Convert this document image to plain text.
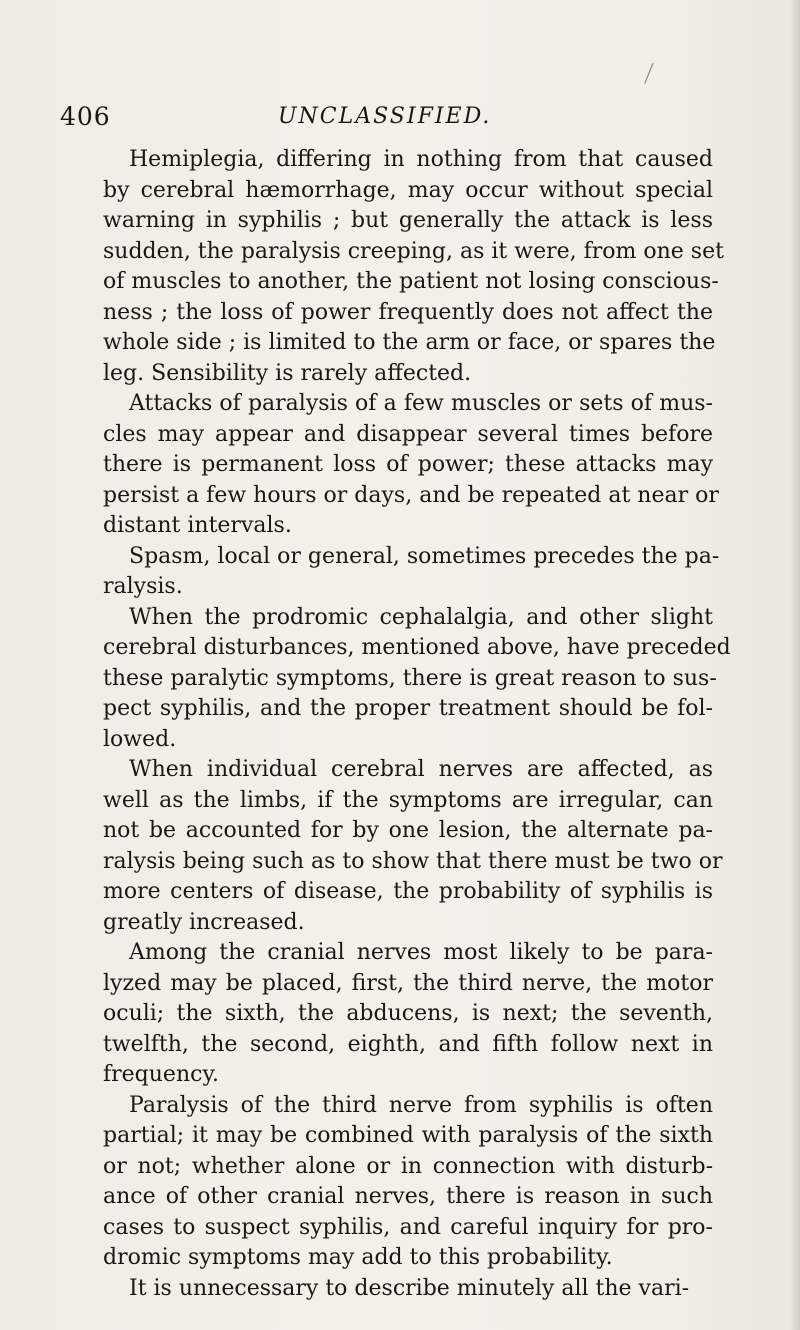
406	UNCLASSIFIED.
Hemiplegia, differing in nothing from that caused
by cerebral hæmorrhage, may occur without special
warning in syphilis ; but generally the attack is less
sudden, the paralysis creeping, as it were, from one set
of muscles to another, the patient not losing conscious-
ness ; the loss of power frequently does not affect the
whole side ; is limited to the arm or face, or spares the
leg. Sensibility is rarely affected.
Attacks of paralysis of a few muscles or sets of mus-
cles may appear and disappear several times before
there is permanent loss of power; these attacks may
persist a few hours or days, and be repeated at near or
distant intervals.
Spasm, local or general, sometimes precedes the pa-
ralysis.
When the prodromic cephalalgia, and other slight
cerebral disturbances, mentioned above, have preceded
these paralytic symptoms, there is great reason to sus-
pect syphilis, and the proper treatment should be fol-
lowed.
When individual cerebral nerves are affected, as
well as the limbs, if the symptoms are irregular, can
not be accounted for by one lesion, the alternate pa-
ralysis being such as to show that there must be two or
more centers of disease, the probability of syphilis is
greatly increased.
Among the cranial nerves most likely to be para-
lyzed may be placed, first, the third nerve, the motor
oculi; the sixth, the abducens, is next; the seventh,
twelfth, the second, eighth, and fifth follow next in
frequency.
Paralysis of the third nerve from syphilis is often
partial; it may be combined with paralysis of the sixth
or not; whether alone or in connection with disturb-
ance of other cranial nerves, there is reason in such
cases to suspect syphilis, and careful inquiry for pro-
dromic symptoms may add to this probability.
It is unnecessary to describe minutely all the vari-
